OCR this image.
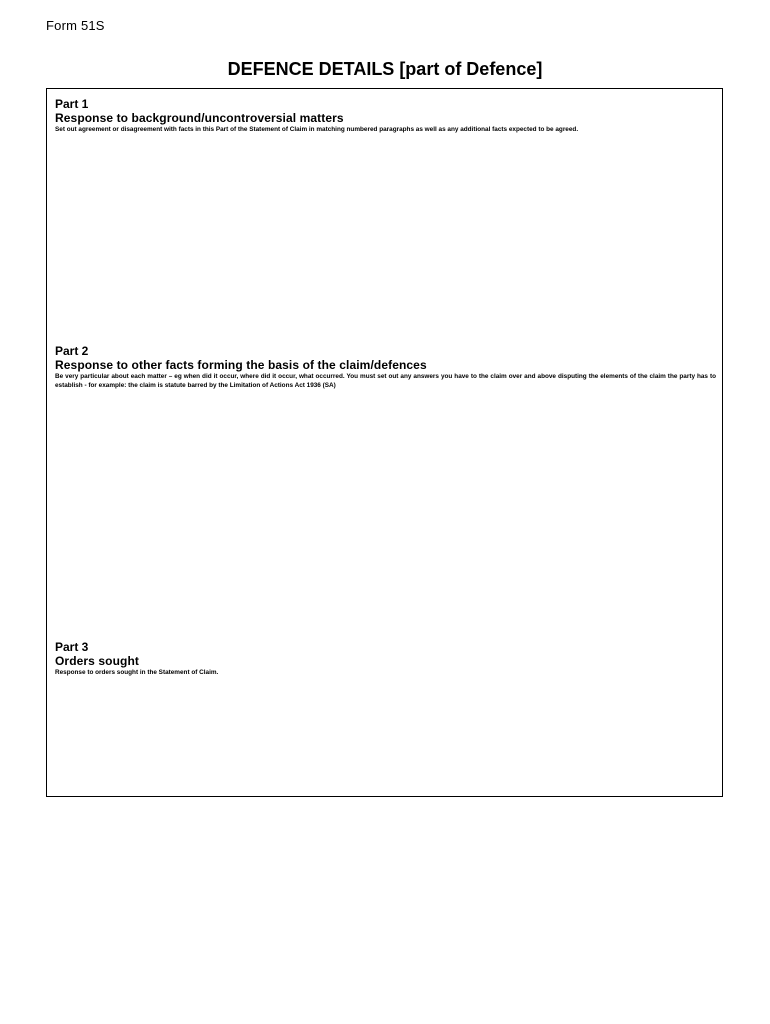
Form 51S
DEFENCE DETAILS [part of Defence]

Part 1

Response to background/uncontroversial matters

Set out agreement or disagreement with facts in this Part of the Statement of Claim in matching numbered paragraphs as well as any additional facts expected to be agreed.

Part 2

Response to other facts forming the basis of the claim/defences

Be very particular about each matter – eg when did it occur, where did it occur, what occurred. You must set out any answers you have to the claim over and above disputing the elements of the claim the party has to establish - for example: the claim is statute barred by the Limitation of Actions Act 1936 (SA)

Part 3

Orders sought

Response to orders sought in the Statement of Claim.
